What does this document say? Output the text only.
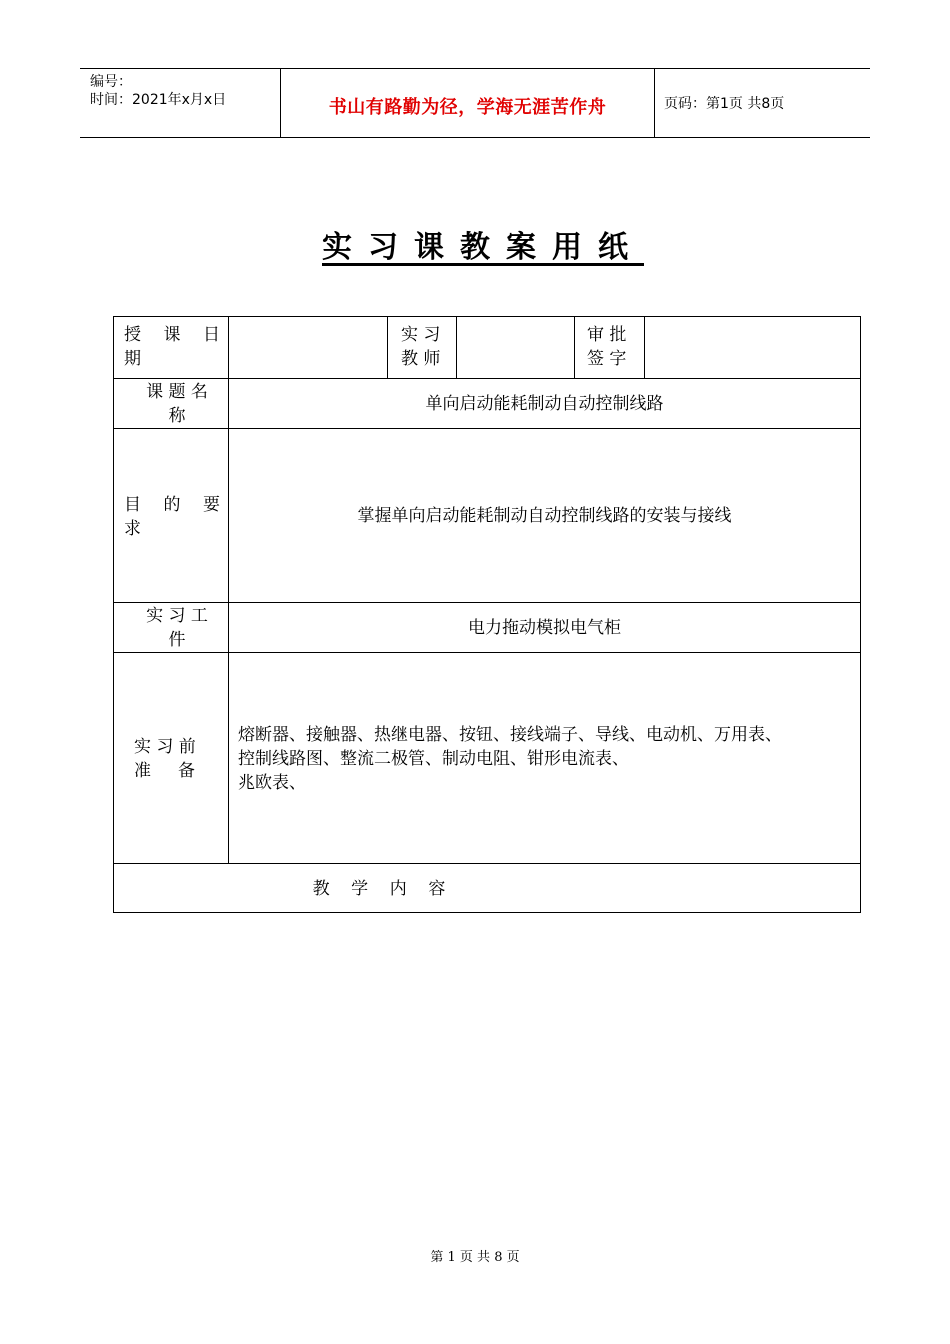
编号：
时间：2021年x月x日	书山有路勤为径，学海无涯苦作舟	页码：第1页 共8页
实习课教案用纸
授 课 日
期
实 习
教 师
审 批
签 字
课 题 名
称
单向启动能耗制动自动控制线路
目 的 要
求
掌握单向启动能耗制动自动控制线路的安装与接线
实 习 工
件
电力拖动模拟电气柜
实 习 前
准     备
熔断器、接触器、热继电器、按钮、接线端子、导线、电动机、万用表、
控制线路图、整流二极管、制动电阻、钳形电流表、
兆欧表、
教    学    内    容
第 1 页 共 8 页
